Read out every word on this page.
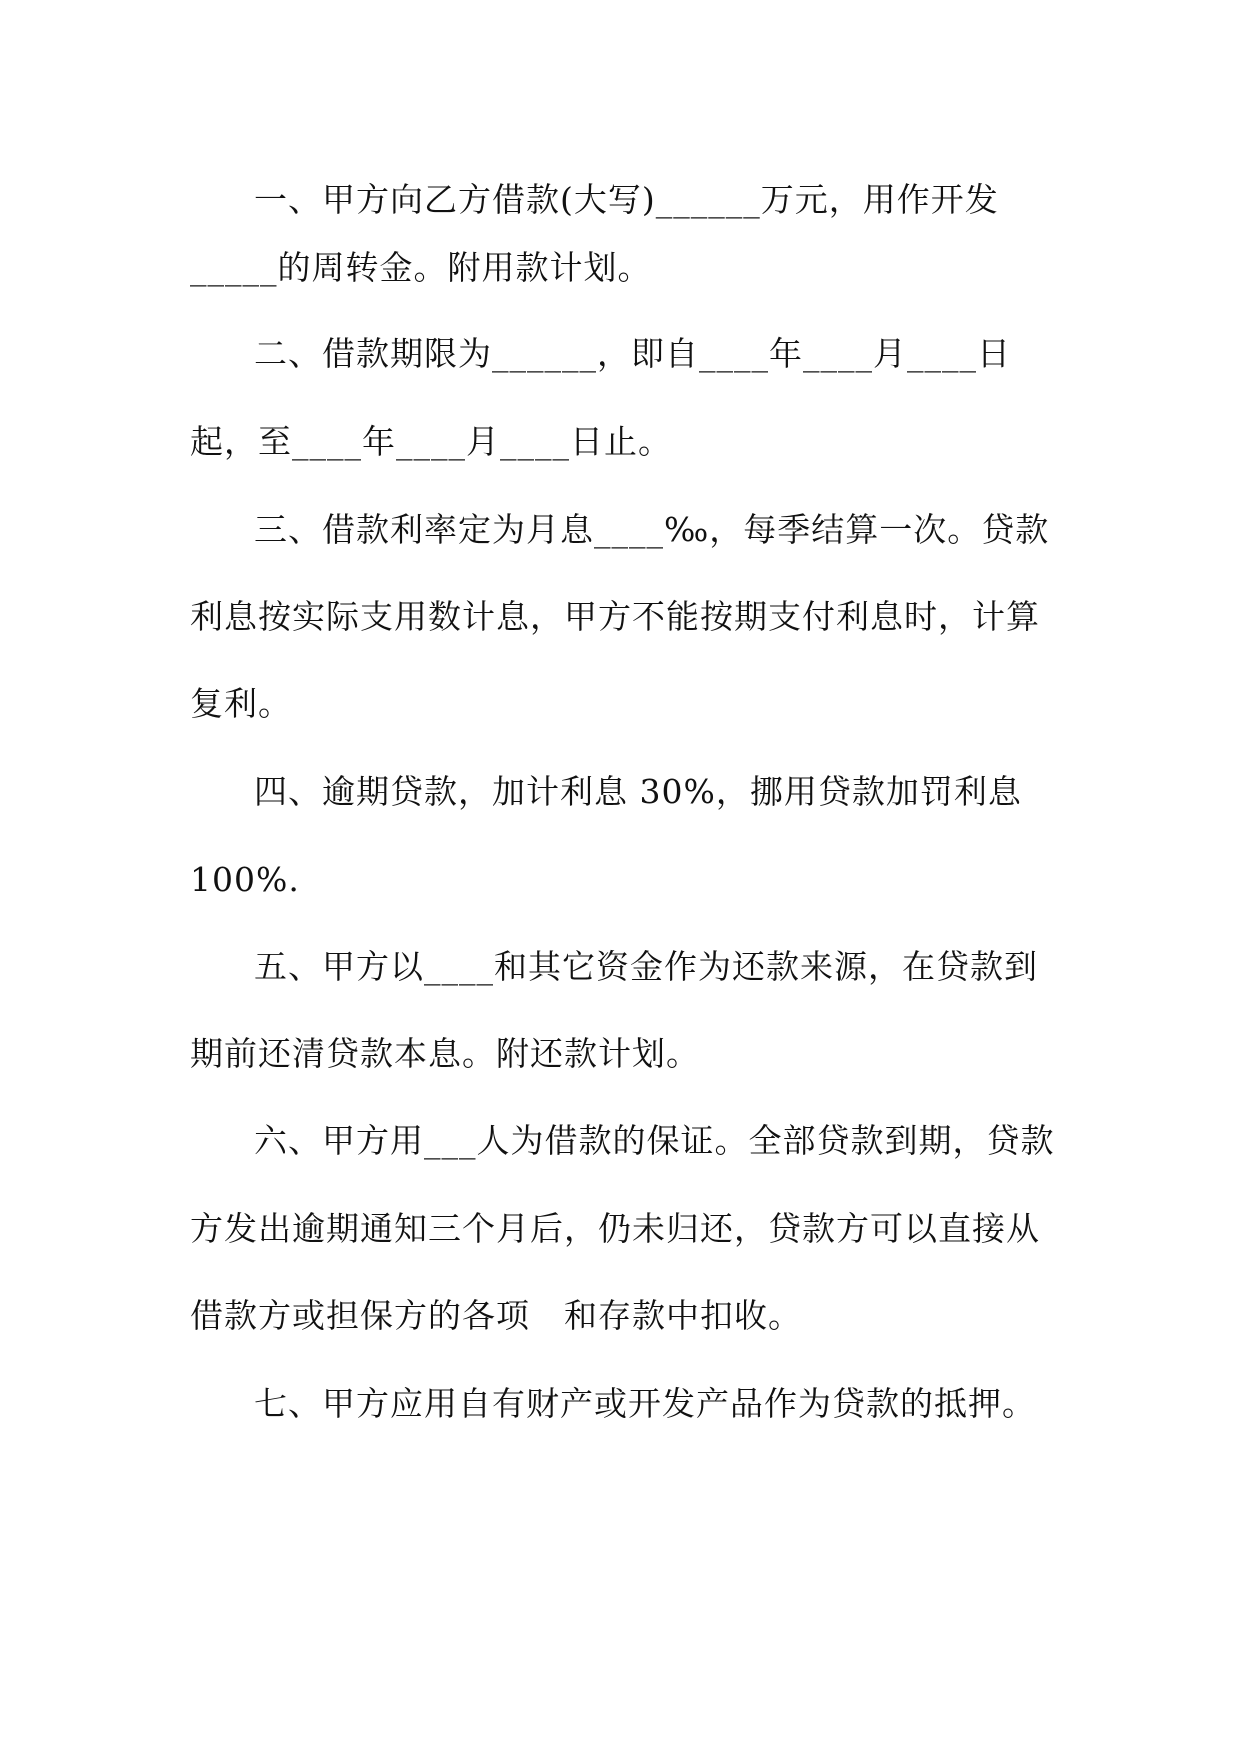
一、甲方向乙方借款(大写)______万元，用作开发
_____的周转金。附用款计划。
二、借款期限为______，即自____年____月____日
起，至____年____月____日止。
三、借款利率定为月息____‰，每季结算一次。贷款
利息按实际支用数计息，甲方不能按期支付利息时，计算
复利。
四、逾期贷款，加计利息 30%，挪用贷款加罚利息
100%.
五、甲方以____和其它资金作为还款来源，在贷款到
期前还清贷款本息。附还款计划。
六、甲方用___人为借款的保证。全部贷款到期，贷款
方发出逾期通知三个月后，仍未归还，贷款方可以直接从
借款方或担保方的各项　和存款中扣收。
七、甲方应用自有财产或开发产品作为贷款的抵押。
